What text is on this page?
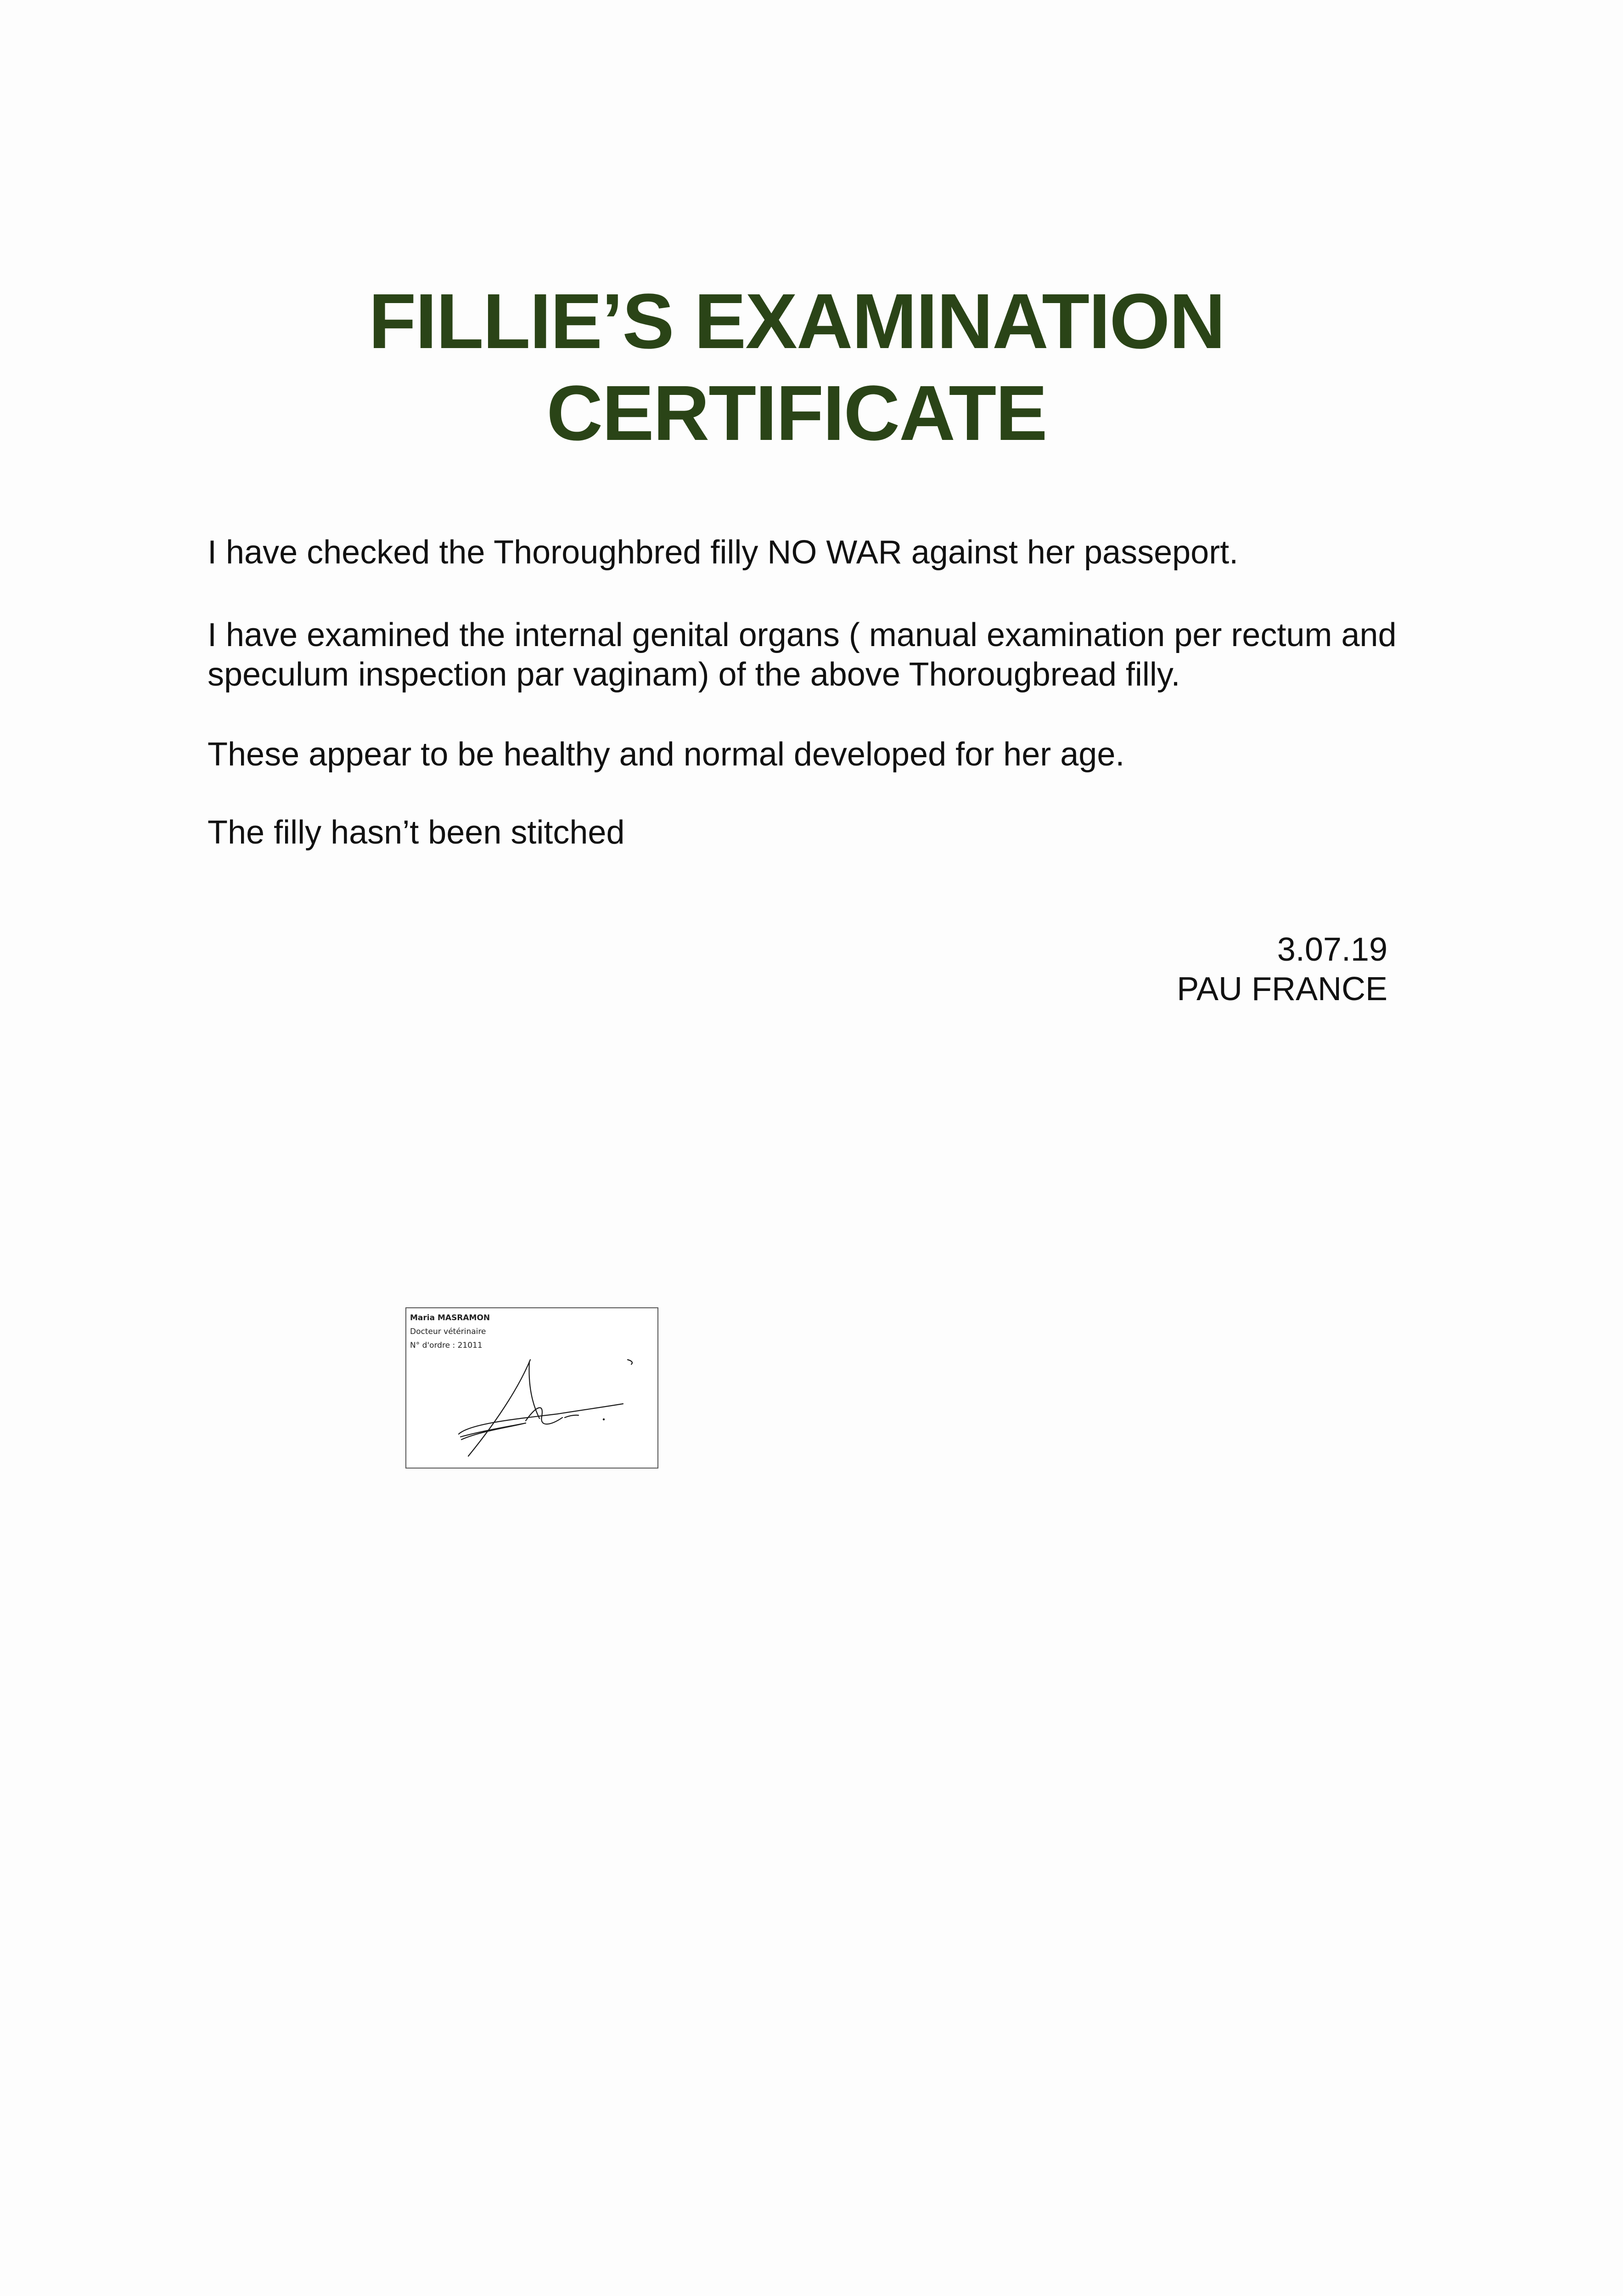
FILLIE’S EXAMINATION
CERTIFICATE

I have checked the Thoroughbred filly NO WAR against her passeport.

I have examined the internal genital organs ( manual examination per rectum and speculum inspection par vaginam) of the above Thorougbread filly.

These appear to be healthy and normal developed for her age.

The filly hasn’t been stitched

3.07.19
PAU FRANCE
Maria MASRAMON
Docteur vétérinaire
N° d'ordre : 21011
